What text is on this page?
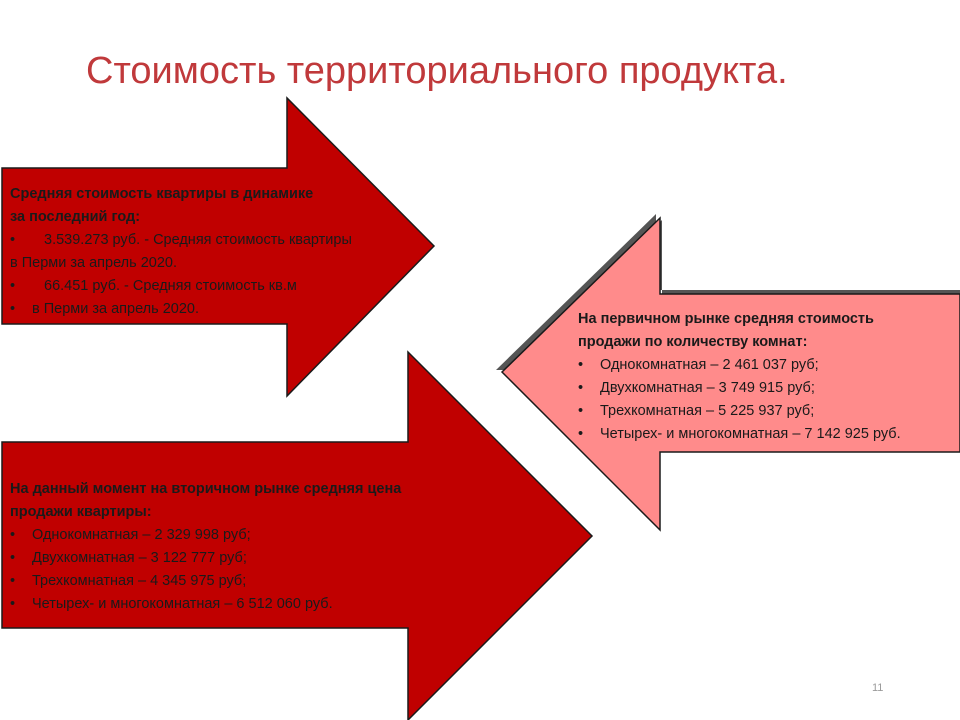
Стоимость территориального продукта.
Средняя стоимость квартиры в динамике
за последний год:
• 3.539.273 руб. - Средняя стоимость квартиры
в Перми за апрель 2020.
• 66.451 руб. - Средняя стоимость кв.м
• в Перми за апрель 2020.
На первичном рынке средняя стоимость
продажи по количеству комнат:
• Однокомнатная – 2 461 037 руб;
• Двухкомнатная – 3 749 915 руб;
• Трехкомнатная – 5 225 937 руб;
• Четырех- и многокомнатная – 7 142 925 руб.
На данный момент на вторичном рынке средняя цена
продажи квартиры:
• Однокомнатная – 2 329 998 руб;
• Двухкомнатная – 3 122 777 руб;
• Трехкомнатная – 4 345 975 руб;
• Четырех- и многокомнатная – 6 512 060 руб.
11
